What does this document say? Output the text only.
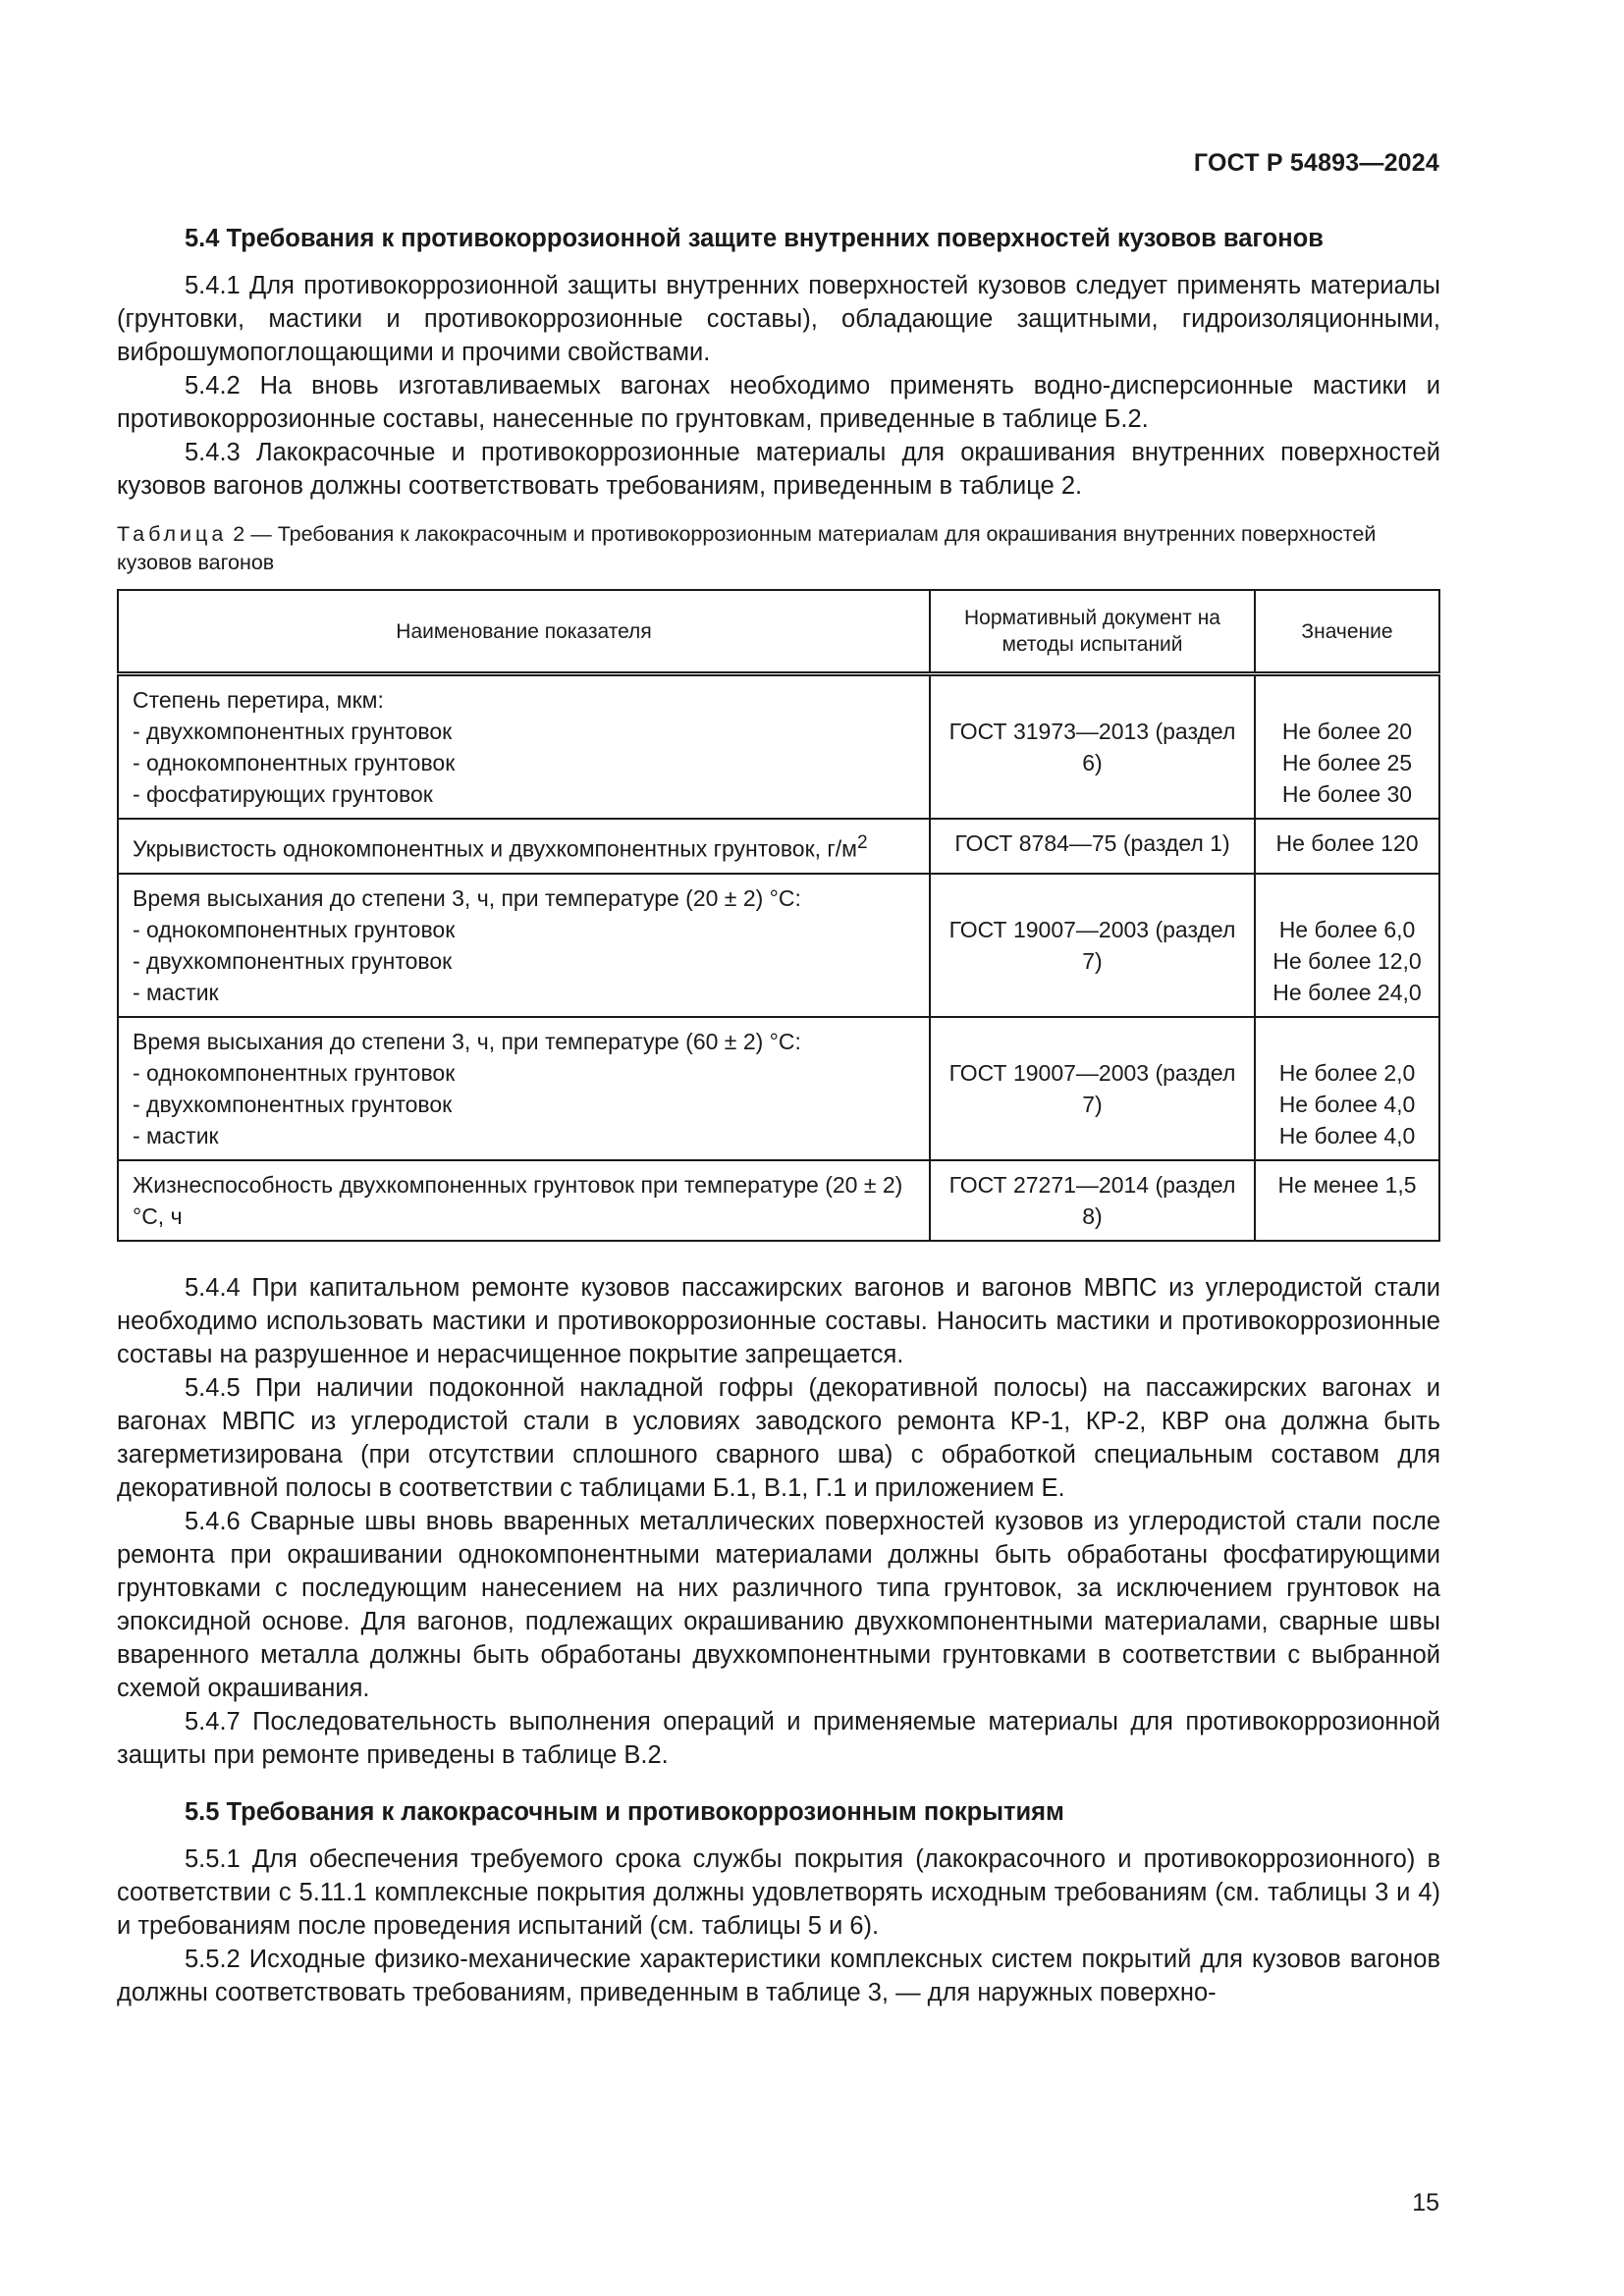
ГОСТ Р 54893—2024
5.4 Требования к противокоррозионной защите внутренних поверхностей кузовов вагонов

5.4.1 Для противокоррозионной защиты внутренних поверхностей кузовов следует применять материалы (грунтовки, мастики и противокоррозионные составы), обладающие защитными, гидроизоляционными, виброшумопоглощающими и прочими свойствами.

5.4.2 На вновь изготавливаемых вагонах необходимо применять водно-дисперсионные мастики и противокоррозионные составы, нанесенные по грунтовкам, приведенные в таблице Б.2.

5.4.3 Лакокрасочные и противокоррозионные материалы для окрашивания внутренних поверхностей кузовов вагонов должны соответствовать требованиям, приведенным в таблице 2.

Таблица 2 — Требования к лакокрасочным и противокоррозионным материалам для окрашивания внутренних поверхностей кузовов вагонов
Наименование показателя	Нормативный документ на методы испытаний	Значение

Степень перетира, мкм:
- двухкомпонентных грунтовок
- однокомпонентных грунтовок
- фосфатирующих грунтовок	ГОСТ 31973—2013 (раздел 6)	Не более 20
Не более 25
Не более 30

Укрывистость однокомпонентных и двухкомпонентных грунтовок, $г/м^2$	ГОСТ 8784—75 (раздел 1)	Не более 120

Время высыхания до степени 3, ч, при температуре (20 ± 2) °С:
- однокомпонентных грунтовок
- двухкомпонентных грунтовок
- мастик	ГОСТ 19007—2003 (раздел 7)	Не более 6,0
Не более 12,0
Не более 24,0

Время высыхания до степени 3, ч, при температуре (60 ± 2) °С:
- однокомпонентных грунтовок
- двухкомпонентных грунтовок
- мастик	ГОСТ 19007—2003 (раздел 7)	Не более 2,0
Не более 4,0
Не более 4,0

Жизнеспособность двухкомпоненных грунтовок при температуре (20 ± 2) °С, ч	ГОСТ 27271—2014 (раздел 8)	Не менее 1,5

5.4.4 При капитальном ремонте кузовов пассажирских вагонов и вагонов МВПС из углеродистой стали необходимо использовать мастики и противокоррозионные составы. Наносить мастики и противокоррозионные составы на разрушенное и нерасчищенное покрытие запрещается.

5.4.5 При наличии подоконной накладной гофры (декоративной полосы) на пассажирских вагонах и вагонах МВПС из углеродистой стали в условиях заводского ремонта КР-1, КР-2, КВР она должна быть загерметизирована (при отсутствии сплошного сварного шва) с обработкой специальным составом для декоративной полосы в соответствии с таблицами Б.1, В.1, Г.1 и приложением Е.

5.4.6 Сварные швы вновь вваренных металлических поверхностей кузовов из углеродистой стали после ремонта при окрашивании однокомпонентными материалами должны быть обработаны фосфатирующими грунтовками с последующим нанесением на них различного типа грунтовок, за исключением грунтовок на эпоксидной основе. Для вагонов, подлежащих окрашиванию двухкомпонентными материалами, сварные швы вваренного металла должны быть обработаны двухкомпонентными грунтовками в соответствии с выбранной схемой окрашивания.

5.4.7 Последовательность выполнения операций и применяемые материалы для противокоррозионной защиты при ремонте приведены в таблице В.2.

5.5 Требования к лакокрасочным и противокоррозионным покрытиям

5.5.1 Для обеспечения требуемого срока службы покрытия (лакокрасочного и противокоррозионного) в соответствии с 5.11.1 комплексные покрытия должны удовлетворять исходным требованиям (см. таблицы 3 и 4) и требованиям после проведения испытаний (см. таблицы 5 и 6).

5.5.2 Исходные физико-механические характеристики комплексных систем покрытий для кузовов вагонов должны соответствовать требованиям, приведенным в таблице 3, — для наружных поверхно-

15
